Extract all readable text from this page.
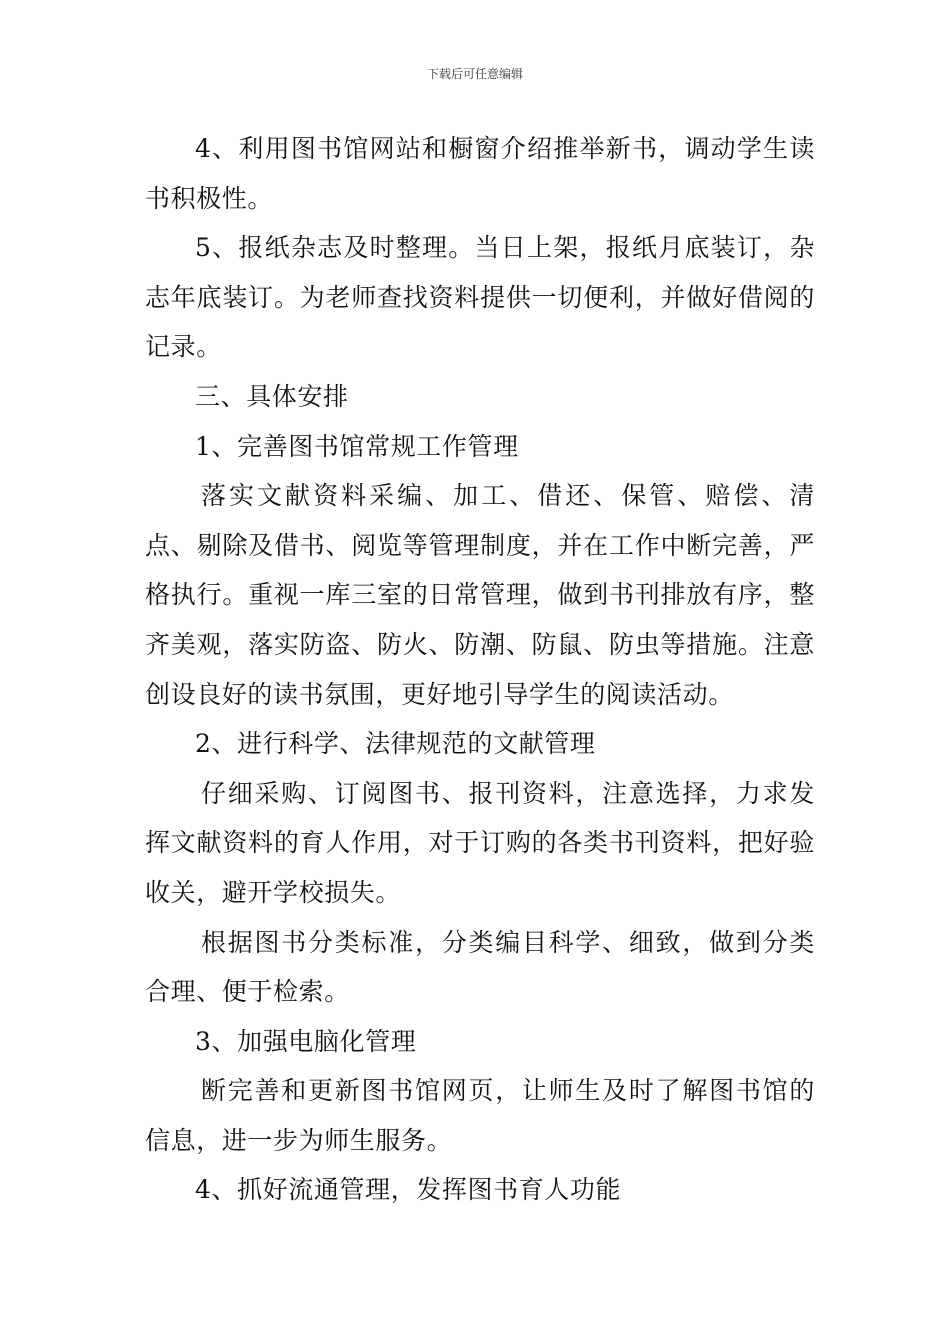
下载后可任意编辑

4、利用图书馆网站和橱窗介绍推举新书，调动学生读书积极性。

5、报纸杂志及时整理。当日上架，报纸月底装订，杂志年底装订。为老师查找资料提供一切便利，并做好借阅的记录。

三、具体安排

1、完善图书馆常规工作管理

落实文献资料采编、加工、借还、保管、赔偿、清点、剔除及借书、阅览等管理制度，并在工作中断完善，严格执行。重视一库三室的日常管理，做到书刊排放有序，整齐美观，落实防盗、防火、防潮、防鼠、防虫等措施。注意创设良好的读书氛围，更好地引导学生的阅读活动。

2、进行科学、法律规范的文献管理

仔细采购、订阅图书、报刊资料，注意选择，力求发挥文献资料的育人作用，对于订购的各类书刊资料，把好验收关，避开学校损失。

根据图书分类标准，分类编目科学、细致，做到分类合理、便于检索。

3、加强电脑化管理

断完善和更新图书馆网页，让师生及时了解图书馆的信息，进一步为师生服务。

4、抓好流通管理，发挥图书育人功能
